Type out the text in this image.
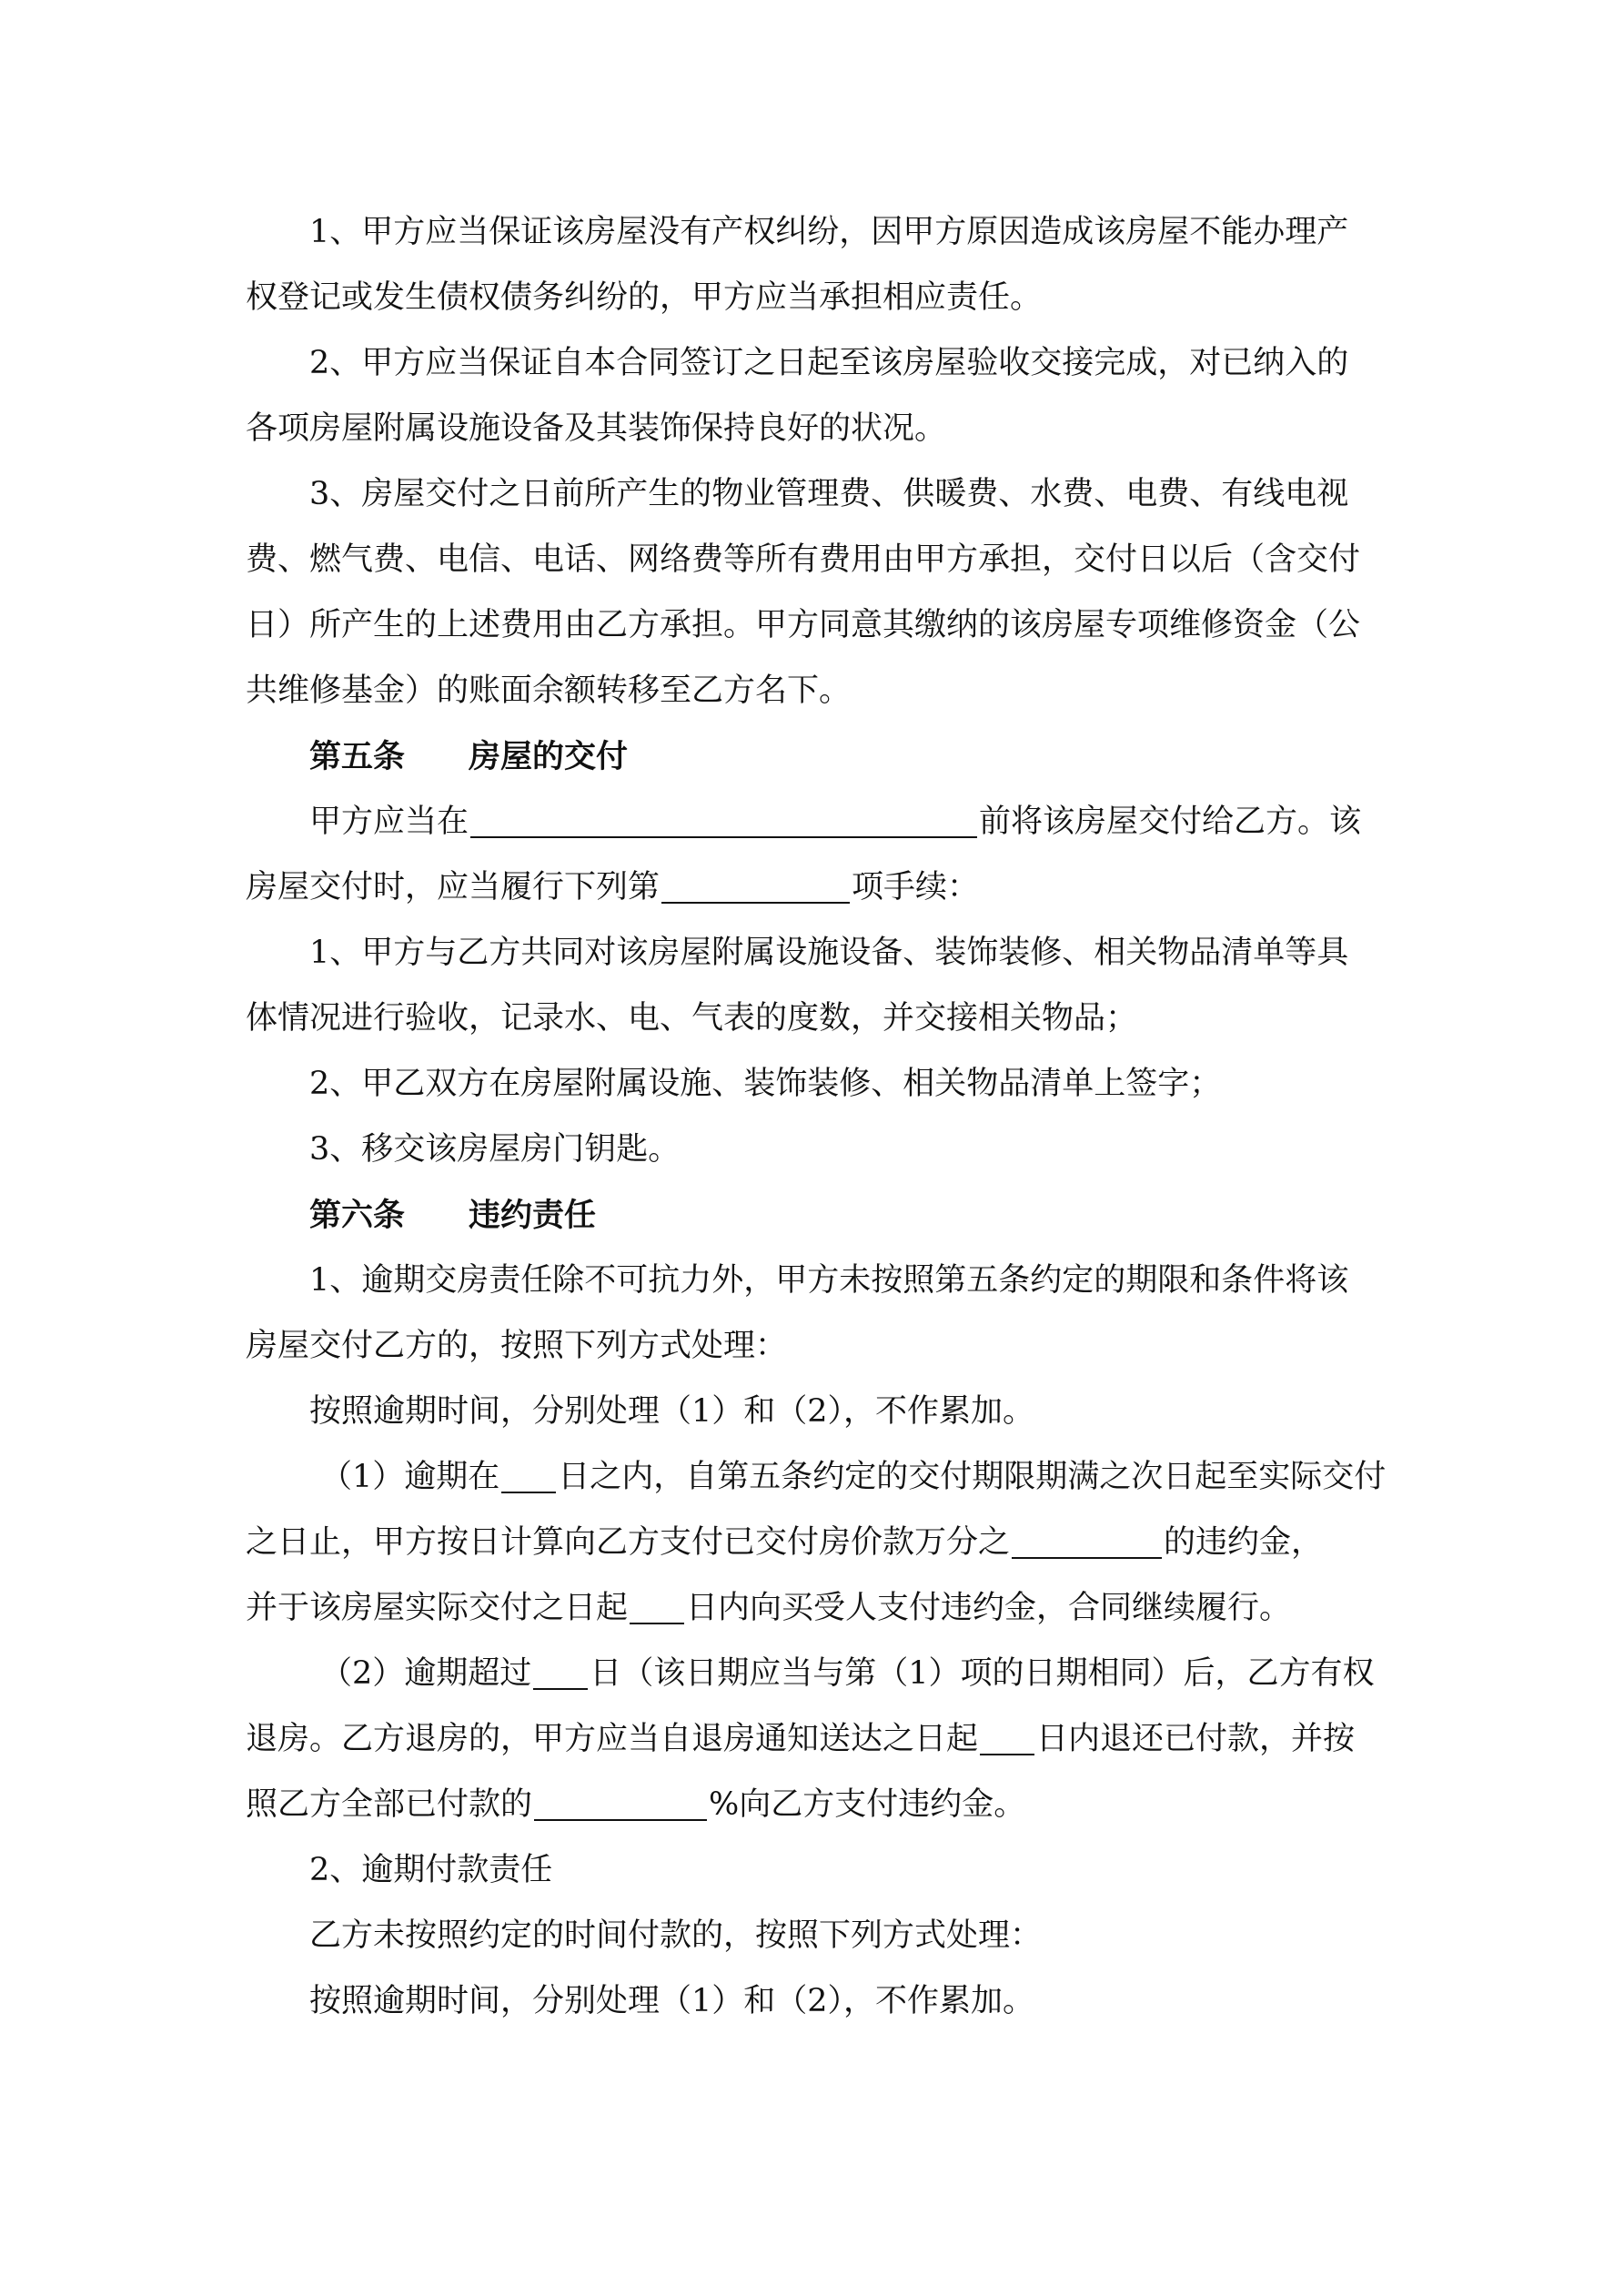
1、甲方应当保证该房屋没有产权纠纷，因甲方原因造成该房屋不能办理产
权登记或发生债权债务纠纷的，甲方应当承担相应责任。
2、甲方应当保证自本合同签订之日起至该房屋验收交接完成，对已纳入的
各项房屋附属设施设备及其装饰保持良好的状况。
3、房屋交付之日前所产生的物业管理费、供暖费、水费、电费、有线电视
费、燃气费、电信、电话、网络费等所有费用由甲方承担，交付日以后（含交付
日）所产生的上述费用由乙方承担。甲方同意其缴纳的该房屋专项维修资金（公
共维修基金）的账面余额转移至乙方名下。
第五条 房屋的交付
甲方应当在	前将该房屋交付给乙方。该
房屋交付时，应当履行下列第	项手续：
1、甲方与乙方共同对该房屋附属设施设备、装饰装修、相关物品清单等具
体情况进行验收，记录水、电、气表的度数，并交接相关物品；
2、甲乙双方在房屋附属设施、装饰装修、相关物品清单上签字；
3、移交该房屋房门钥匙。
第六条 违约责任
1、逾期交房责任除不可抗力外，甲方未按照第五条约定的期限和条件将该
房屋交付乙方的，按照下列方式处理：
按照逾期时间，分别处理（1）和（2），不作累加。
（1）逾期在 日之内，自第五条约定的交付期限期满之次日起至实际交付
之日止，甲方按日计算向乙方支付已交付房价款万分之	的违约金，
并于该房屋实际交付之日起 日内向买受人支付违约金，合同继续履行。
（2）逾期超过 日（该日期应当与第（1）项的日期相同）后，乙方有权
退房。乙方退房的，甲方应当自退房通知送达之日起 日内退还已付款，并按
照乙方全部已付款的	%向乙方支付违约金。
2、逾期付款责任
乙方未按照约定的时间付款的，按照下列方式处理：
按照逾期时间，分别处理（1）和（2），不作累加。
